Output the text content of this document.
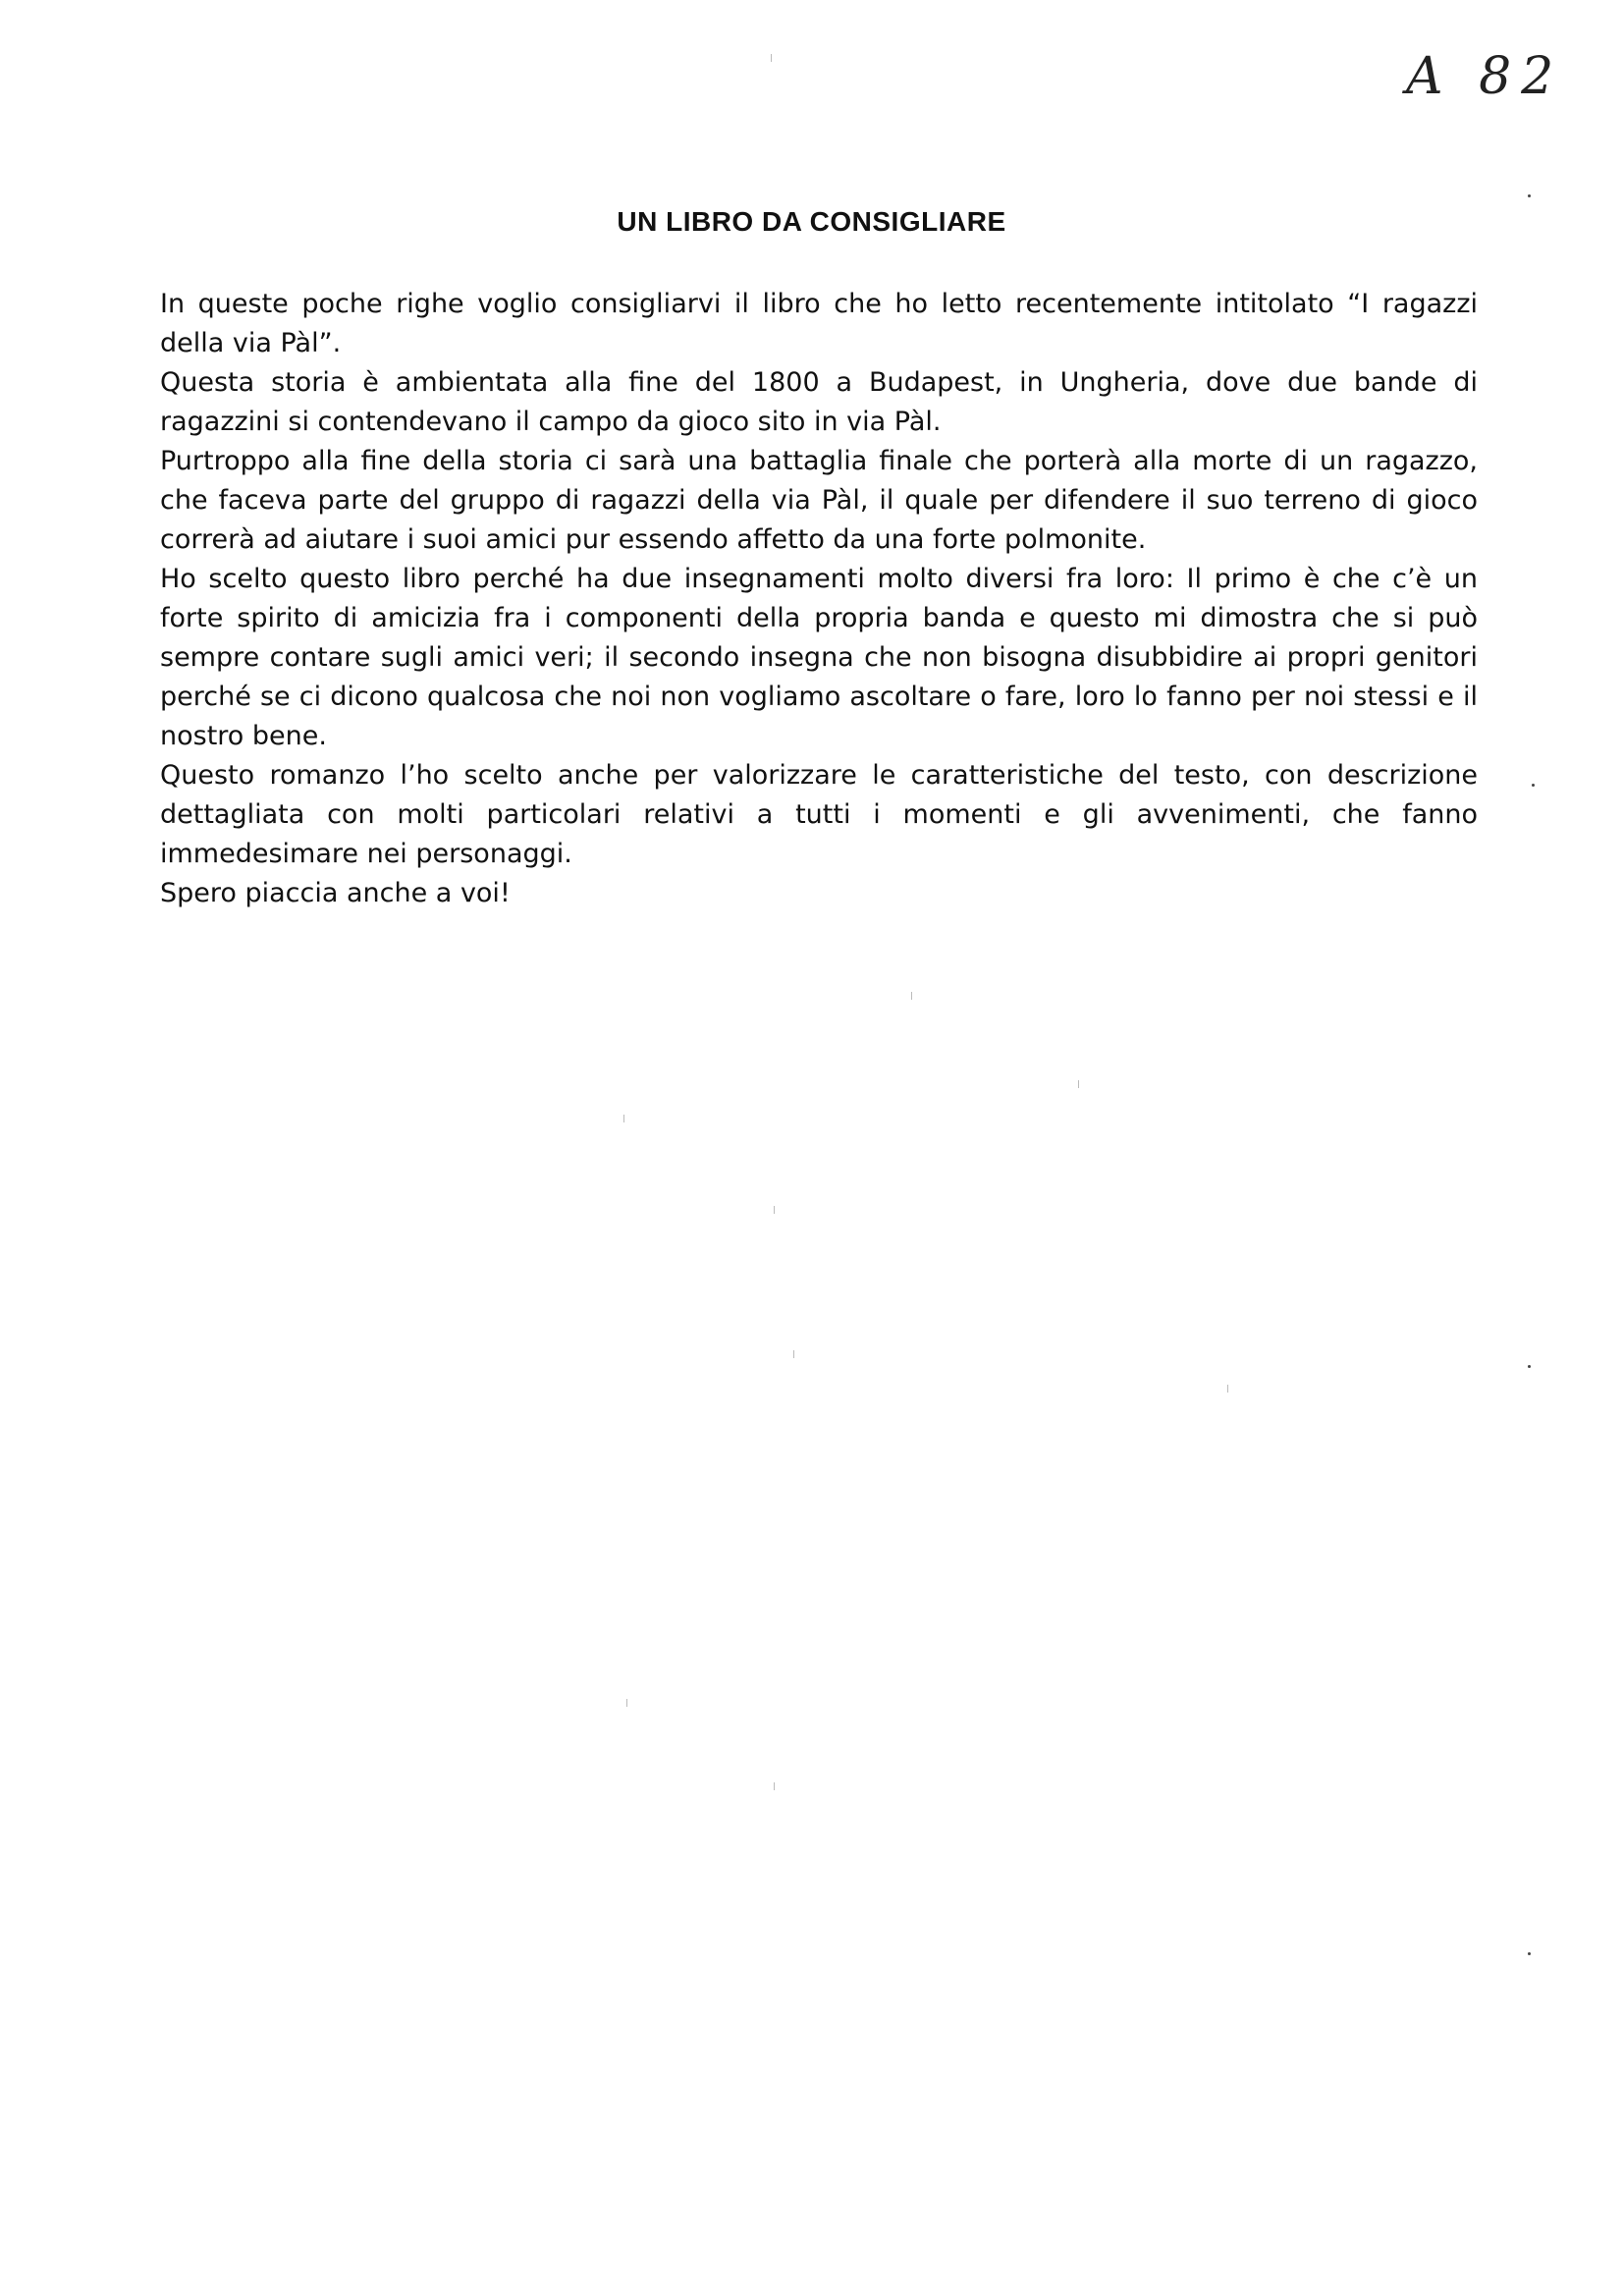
A 82
UN LIBRO DA CONSIGLIARE

In queste poche righe voglio consigliarvi il libro che ho letto recentemente intitolato “I ragazzi della via Pàl”.

Questa storia è ambientata alla fine del 1800 a Budapest, in Ungheria, dove due bande di ragazzini si contendevano il campo da gioco sito in via Pàl.

Purtroppo alla fine della storia ci sarà una battaglia finale che porterà alla morte di un ragazzo, che faceva parte del gruppo di ragazzi della via Pàl, il quale per difendere il suo terreno di gioco correrà ad aiutare i suoi amici pur essendo affetto da una forte polmonite.

Ho scelto questo libro perché ha due insegnamenti molto diversi fra loro: Il primo è che c’è un forte spirito di amicizia fra i componenti della propria banda e questo mi dimostra che si può sempre contare sugli amici veri; il secondo insegna che non bisogna disubbidire ai propri genitori perché se ci dicono qualcosa che noi non vogliamo ascoltare o fare, loro lo fanno per noi stessi e il nostro bene.

Questo romanzo l’ho scelto anche per valorizzare le caratteristiche del testo, con descrizione dettagliata con molti particolari relativi a tutti i momenti e gli avvenimenti, che fanno immedesimare nei personaggi.

Spero piaccia anche a voi!
